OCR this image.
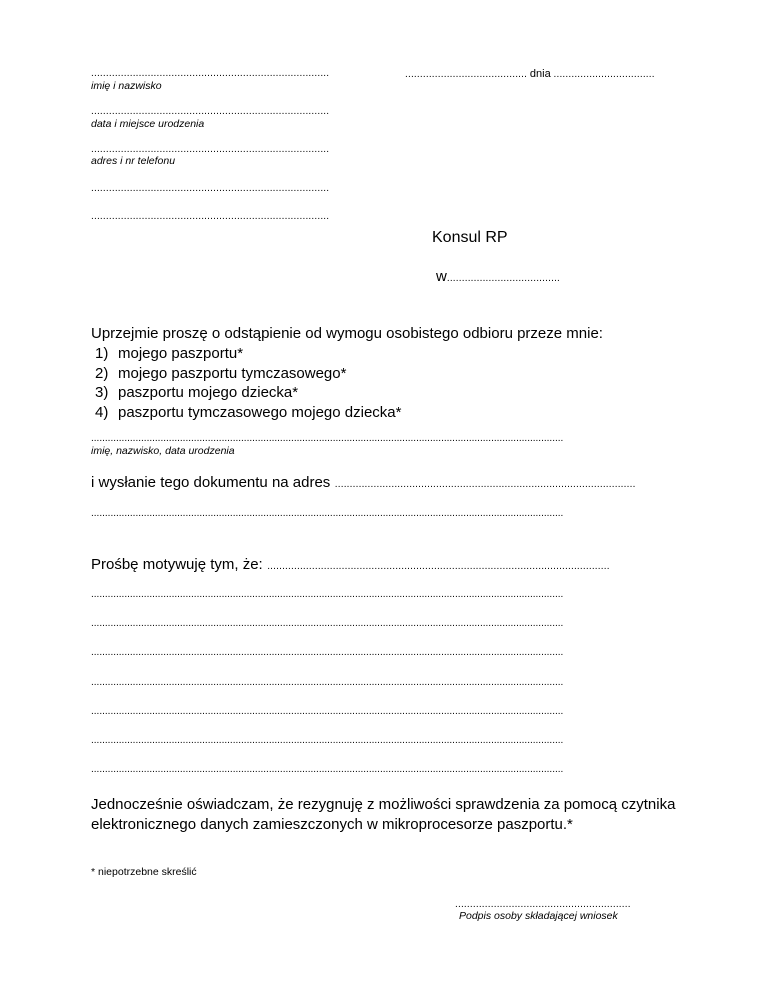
................................................................................
imię i nazwisko
................................................................................
data i miejsce urodzenia
................................................................................
adres i nr telefonu
................................................................................
................................................................................
......................................... dnia ..................................
Konsul RP
w......................................
Uprzejmie proszę o odstąpienie od wymogu osobistego odbioru przeze mnie:
1) mojego paszportu*
2) mojego paszportu tymczasowego*
3) paszportu mojego dziecka*
4) paszportu tymczasowego mojego dziecka*
..........................................................................................................................................................................
imię, nazwisko, data urodzenia
i wysłanie tego dokumentu na adres .....................................................................................................
..........................................................................................................................................................................
Prośbę motywuję tym, że: ...................................................................................................................
..........................................................................................................................................................................
..........................................................................................................................................................................
..........................................................................................................................................................................
..........................................................................................................................................................................
..........................................................................................................................................................................
..........................................................................................................................................................................
..........................................................................................................................................................................
Jednocześnie oświadczam, że rezygnuję z możliwości sprawdzenia za pomocą czytnika elektronicznego danych zamieszczonych w mikroprocesorze paszportu.*
* niepotrzebne skreślić
...........................................................
Podpis osoby składającej wniosek
